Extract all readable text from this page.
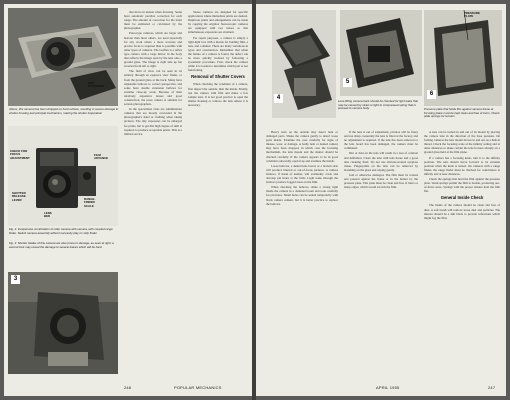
HOT
EXPOSURE
Above, this camera has been dropped on hard surface, resulting in severe damage to shutter housing and principal mechanism, making the shutter inoperative
CHECK FOR
FOCUS
ADJUSTMENT
SHUTTER
RELEASE
LEVER
FILM
ADVANCE
RANGE-
FINDER
SCALE
LENS
BED
Fig. 2. Inexpensive combination of roller camera with camera, with coupled range finder. Switch camera assembly without necessity play on strip finder
3
Fig. 3. Shutter blades of this camera are also prone to damage, as seen at right; a second look may reveal the damage to several leaves which will be hard

that move in unison when focusing. Some have automatic parallax correction for each range. The amount of correction for the latter must be estimated or calculated by the photographer.

Press-type cameras, which are larger and heavier than most others, are used especially for any work where a more accurate and precise focus is required than is possible with other types of cameras. The Graflex is a reflex type camera with a large mirror in the body that reflects the image seen by the lens onto a ground glass. The image is right side up but reversed from left to right.

The field of view can be seen in its entirety through an eyepiece view finder, or from the ground glass at the back. Many have adjustable bellows to correct perspective, and some have double extension bellows for extreme close-up work. Because of their relatively expensive lenses and good construction, the press camera is suitable for serious photographers.

In the specialized class are subminiature cameras that are mostly concealed in the photographer's hand or clothing when taking pictures. The tiny exposures can be enlarged for prints, but to get this high degree of skill is required to produce acceptable prints. This is a limited service.

Stereo cameras are designed for specific applications where immediate prints are desired. Duplicate prints and enlargements can be made by copying the original. Stereoscopic cameras are equipped with two lenses so that simultaneous exposures are obtained.

For repair purposes, a camera is simply a light-tight box with a means for holding film, a lens, and a shutter. There are many variations in types and construction. Remember that when the failure of a camera is found, the defect can be more quickly isolated by following a systematic procedure. First, check the camera while it is loaded to determine which part is not functioning.

Removal of Shutter Covers

When checking the condition of a camera, first inspect the outside, then the inside. Finally, test the camera with film and make a few sample tests. It is not good practice to open the shutter housing or remove the lens unless it is necessary.

246	POPULAR MECHANICS
4	Lens-fitting camera back should be checked for light leaks that may be caused by strain or light to compressed spring that is pressed to camera body
5
6
PRESSURE
PLATE
Pressure plate that holds film against camera frame at focusing plane must be kept clean and free of burrs. Check plate springs for tension

Heavy tests on the outside may detect bent or damaged parts. Shake the camera gently to detect loose parts inside. Examine the case carefully for signs of misuse, wear, or damage. A badly bent or dented camera may have been dropped, in which case the focusing mechanism, the lens mount and the shutter should be checked carefully. If the camera appears to be in good condition outwardly, open it up and examine the inside.

Loose bellows, a dented lens board, or a broken strut will produce blurred or out-of-focus pictures. A camera bellows, if made of leather, will eventually crack and develop pin holes at the folds. Light leaks through the bellows produce fogged areas on the film.

When checking the bellows, shine a strong light inside the camera in a darkened room and look carefully for pin holes. Small holes can be sealed temporarily with black camera cement, but it is better practice to replace the bellows.

If the lens is out of adjustment, pictures will be fuzzy and not sharp. Generally the lens is fitted at the factory and no adjustment is required. If the lens has been removed or the lens board has been damaged, the camera must be collimated.

Dirt or dust on the lens will result in a loss of contrast and definition. Clean the lens with lens tissue and a good lens cleaning fluid. Do not use silicone-treated eyeglass tissue. Fingerprints on the lens can be removed by breathing on the glass and wiping gently.

fold or otherwise damaged. The film must be rotated and pressed against the frame or in the holder by the pressure plate. This plate must be clean and free of burrs or sharp edges, which would scratch the film.

A lens can be turned in and out of its mount by placing the camera lens in the direction of the base pressure. On folding cameras the lens mount moves in and out on a helical thread. Check the focusing scale at the infinity setting and at other distances to make certain the lens focuses sharply on a ground glass held at the film plane.

If a camera has a focusing knob, turn it to the infinity position. The lens should move forward to its extreme position when the knob is turned. On cameras with a range finder, the range finder must be checked for coincidence at infinity and at near distances.

Check the springs that hold the film against the pressure plate. Weak springs permit the film to buckle, producing out-of-focus areas. Springs with the proper tension hold the film flat.

General Inside Check

The inside of the camera should be clean and free of dust. A soft brush will remove loose dust and particles. The interior should be a dull black to prevent reflections which might fog the film.

APRIL 1955	247
